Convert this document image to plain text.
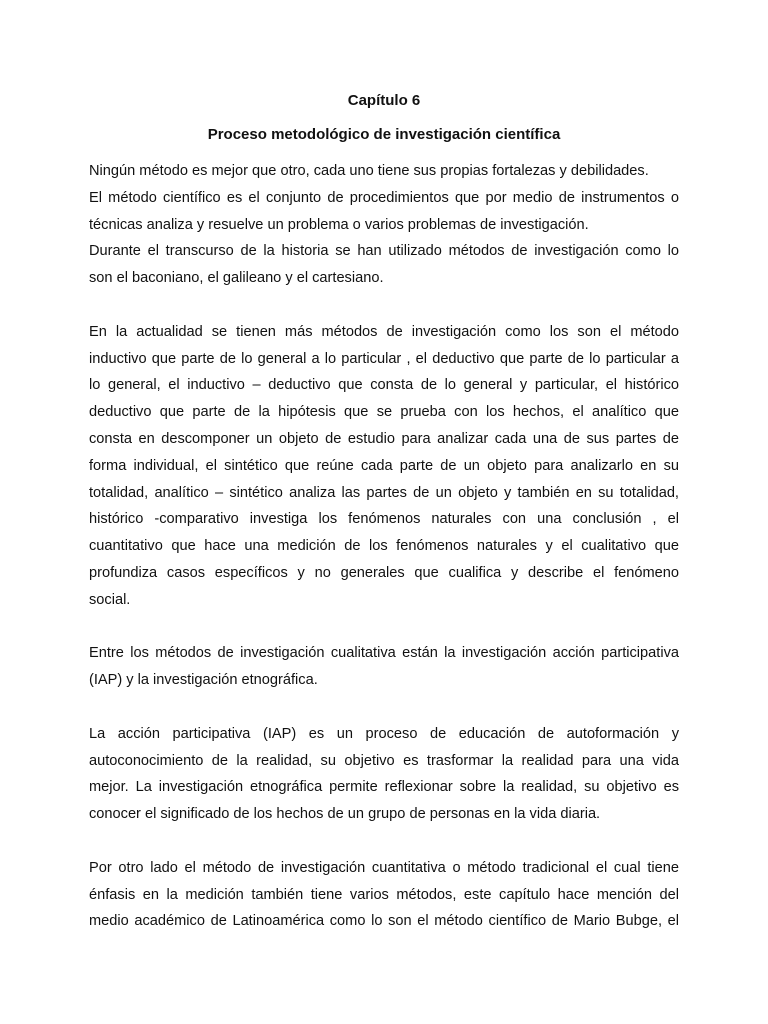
Capítulo 6
Proceso metodológico de investigación científica

Ningún método es mejor que otro, cada uno tiene sus propias fortalezas y debilidades.
El método científico es el conjunto de procedimientos que por medio de instrumentos o
técnicas analiza y resuelve un problema o varios problemas de investigación.
Durante el transcurso de la historia se han utilizado métodos de investigación como lo
son el baconiano, el galileano y el cartesiano.

En la actualidad se tienen más métodos de investigación como los son el método
inductivo que parte de lo general a lo particular , el deductivo que parte de lo particular a
lo general, el inductivo – deductivo que consta de lo general y particular, el histórico
deductivo que parte de la hipótesis que se prueba con los hechos, el analítico que
consta en descomponer un objeto de estudio para analizar cada una de sus partes de
forma individual, el sintético que reúne cada parte de un objeto para analizarlo en su
totalidad, analítico – sintético analiza las partes de un objeto y también en su totalidad,
histórico -comparativo investiga los fenómenos naturales con una conclusión , el
cuantitativo que hace una medición de los fenómenos naturales y el cualitativo que
profundiza casos específicos y no generales que cualifica y describe el fenómeno
social.

Entre los métodos de investigación cualitativa están la investigación acción participativa
(IAP) y la investigación etnográfica.

La acción participativa (IAP) es un proceso de educación de autoformación y
autoconocimiento de la realidad, su objetivo es trasformar la realidad para una vida
mejor. La investigación etnográfica permite reflexionar sobre la realidad, su objetivo es
conocer el significado de los hechos de un grupo de personas en la vida diaria.

Por otro lado el método de investigación cuantitativa o método tradicional el cual tiene
énfasis en la medición también tiene varios métodos, este capítulo hace mención del
medio académico de Latinoamérica como lo son el método científico de Mario Bubge, el
